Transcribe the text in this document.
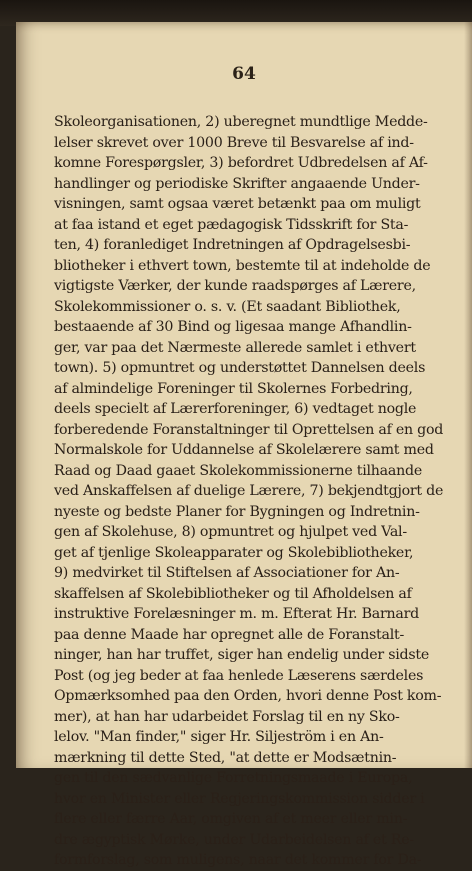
64
Skoleorganisationen, 2) uberegnet mundtlige Medde-
lelser skrevet over 1000 Breve til Besvarelse af ind-
komne Forespørgsler, 3) befordret Udbredelsen af Af-
handlinger og periodiske Skrifter angaaende Under-
visningen, samt ogsaa været betænkt paa om muligt
at faa istand et eget pædagogisk Tidsskrift for Sta-
ten, 4) foranlediget Indretningen af Opdragelsesbi-
bliotheker i ethvert town, bestemte til at indeholde de
vigtigste Værker, der kunde raadspørges af Lærere,
Skolekommissioner o. s. v. (Et saadant Bibliothek,
bestaaende af 30 Bind og ligesaa mange Afhandlin-
ger, var paa det Nærmeste allerede samlet i ethvert
town). 5) opmuntret og understøttet Dannelsen deels
af almindelige Foreninger til Skolernes Forbedring,
deels specielt af Lærerforeninger, 6) vedtaget nogle
forberedende Foranstaltninger til Oprettelsen af en god
Normalskole for Uddannelse af Skolelærere samt med
Raad og Daad gaaet Skolekommissionerne tilhaande
ved Anskaffelsen af duelige Lærere, 7) bekjendtgjort de
nyeste og bedste Planer for Bygningen og Indretnin-
gen af Skolehuse, 8) opmuntret og hjulpet ved Val-
get af tjenlige Skoleapparater og Skolebibliotheker,
9) medvirket til Stiftelsen af Associationer for An-
skaffelsen af Skolebibliotheker og til Afholdelsen af
instruktive Forelæsninger m. m. Efterat Hr. Barnard
paa denne Maade har opregnet alle de Foranstalt-
ninger, han har truffet, siger han endelig under sidste
Post (og jeg beder at faa henlede Læserens særdeles
Opmærksomhed paa den Orden, hvori denne Post kom-
mer), at han har udarbeidet Forslag til en ny Sko-
lelov. "Man finder," siger Hr. Siljeström i en An-
mærkning til dette Sted, "at dette er Modsætnin-
gen til den sædvanlige Forretningsmaade i Europa,
hvor en Minister eller Regjeringskommission sidder i
flere eller færre Aar, omgiven af et meer eller min-
dre ægyptisk Mørke, under Udarbeidelsen af et Re-
formforslag, som muligens, naar det kommer for Da-
